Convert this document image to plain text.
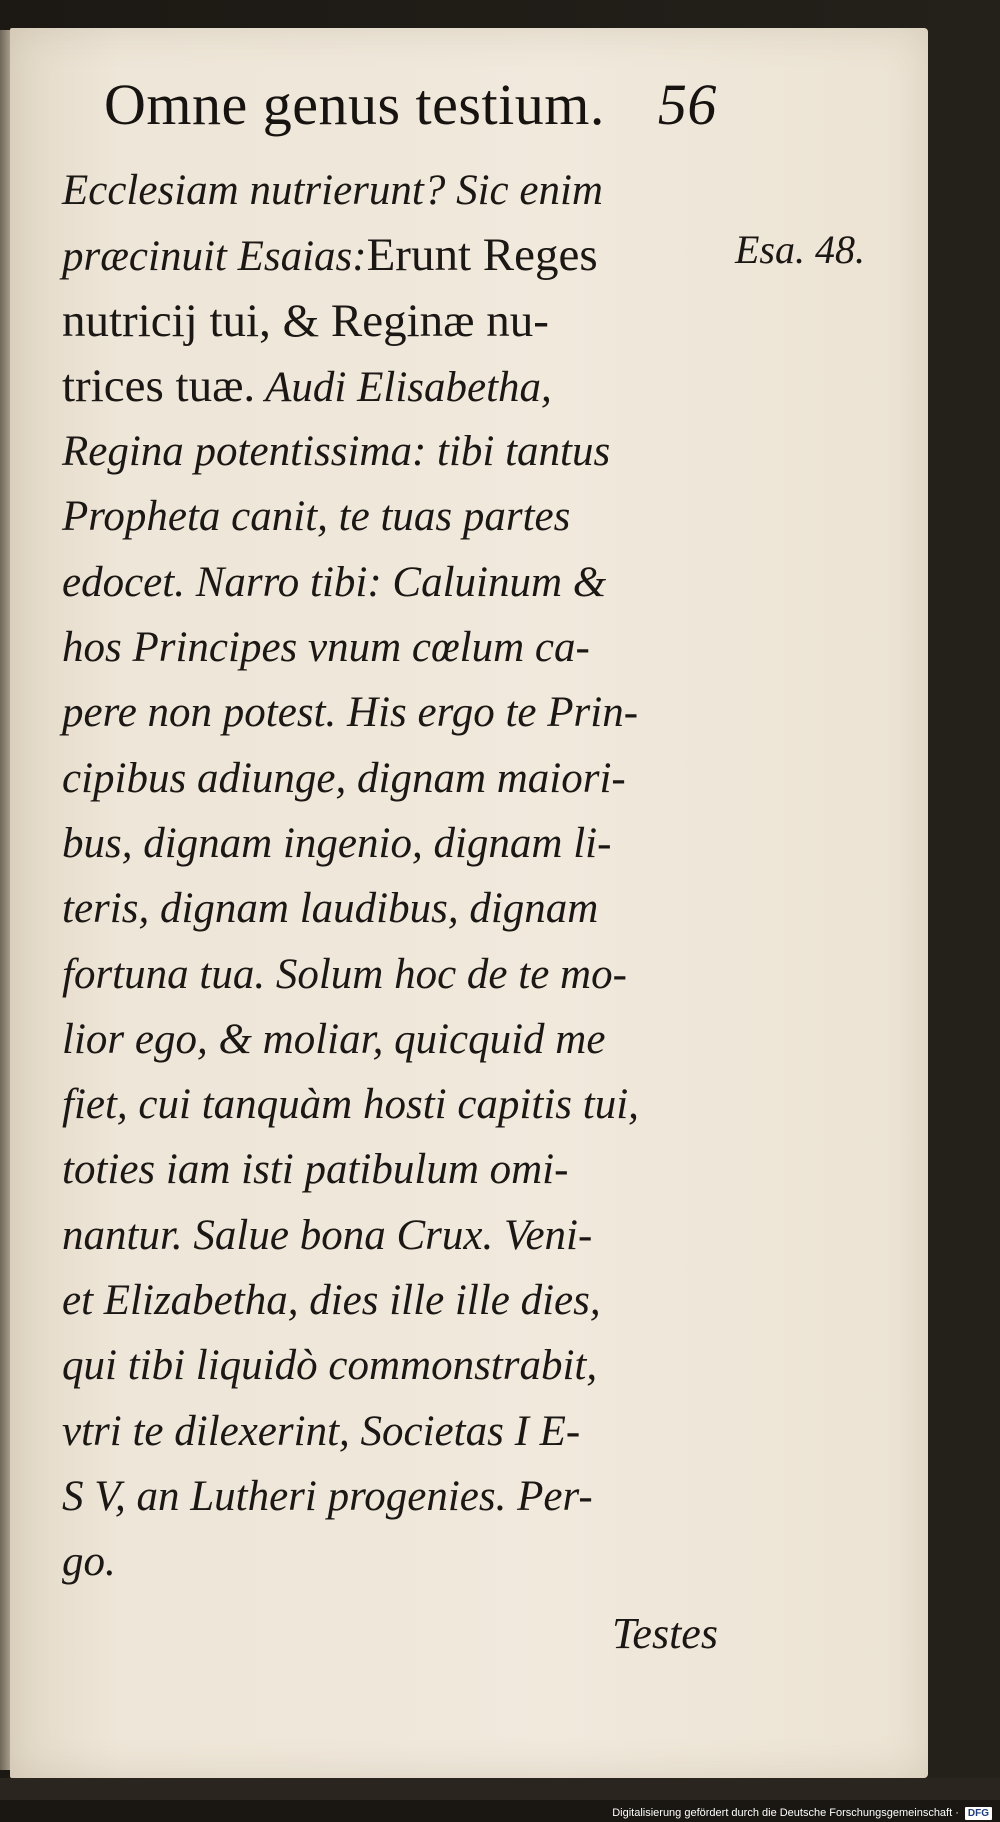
Omne genus testium. 56
Esa. 48.
Ecclesiam nutrierunt? Sic enim
præcinuit Esaias:Erunt Reges
nutricij tui, & Reginæ nu-
trices tuæ. Audi Elisabetha,
Regina potentissima: tibi tantus
Propheta canit, te tuas partes
edocet. Narro tibi: Caluinum &
hos Principes vnum cœlum ca-
pere non potest. His ergo te Prin-
cipibus adiunge, dignam maiori-
bus, dignam ingenio, dignam li-
teris, dignam laudibus, dignam
fortuna tua. Solum hoc de te mo-
lior ego, & moliar, quicquid me
fiet, cui tanquàm hosti capitis tui,
toties iam isti patibulum omi-
nantur. Salue bona Crux. Veni-
et Elizabetha, dies ille ille dies,
qui tibi liquidò commonstrabit,
vtri te dilexerint, Societas I E-
S V, an Lutheri progenies. Per-
go.
Testes
Digitalisierung gefördert durch die Deutsche Forschungsgemeinschaft · DFG
